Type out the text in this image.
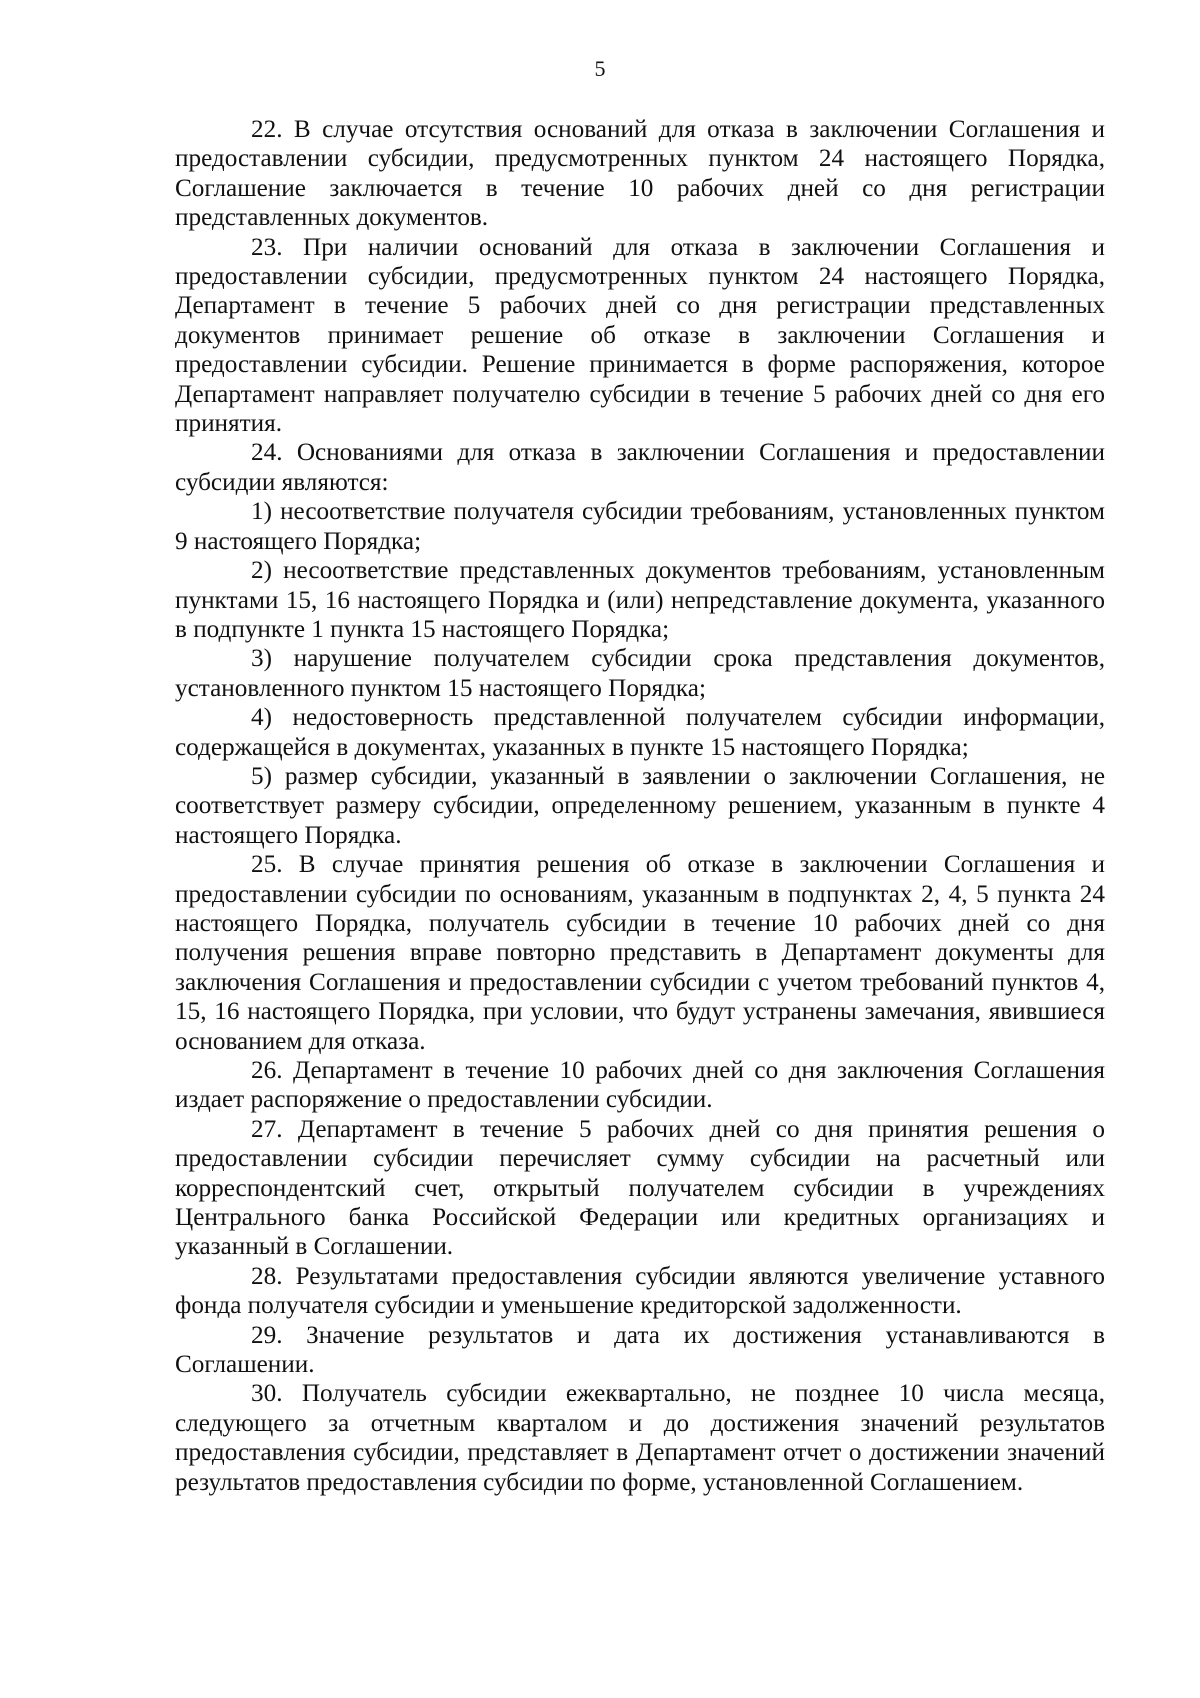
5

22. В случае отсутствия оснований для отказа в заключении Соглашения и предоставлении субсидии, предусмотренных пунктом 24 настоящего Порядка, Соглашение заключается в течение 10 рабочих дней со дня регистрации представленных документов.

23. При наличии оснований для отказа в заключении Соглашения и предоставлении субсидии, предусмотренных пунктом 24 настоящего Порядка, Департамент в течение 5 рабочих дней со дня регистрации представленных документов принимает решение об отказе в заключении Соглашения и предоставлении субсидии. Решение принимается в форме распоряжения, которое Департамент направляет получателю субсидии в течение 5 рабочих дней со дня его принятия.

24. Основаниями для отказа в заключении Соглашения и предоставлении субсидии являются:

1) несоответствие получателя субсидии требованиям, установленных пунктом 9 настоящего Порядка;

2) несоответствие представленных документов требованиям, установленным пунктами 15, 16 настоящего Порядка и (или) непредставление документа, указанного в подпункте 1 пункта 15 настоящего Порядка;

3) нарушение получателем субсидии срока представления документов, установленного пунктом 15 настоящего Порядка;

4) недостоверность представленной получателем субсидии информации, содержащейся в документах, указанных в пункте 15 настоящего Порядка;

5) размер субсидии, указанный в заявлении о заключении Соглашения, не соответствует размеру субсидии, определенному решением, указанным в пункте 4 настоящего Порядка.

25. В случае принятия решения об отказе в заключении Соглашения и предоставлении субсидии по основаниям, указанным в подпунктах 2, 4, 5 пункта 24 настоящего Порядка, получатель субсидии в течение 10 рабочих дней со дня получения решения вправе повторно представить в Департамент документы для заключения Соглашения и предоставлении субсидии с учетом требований пунктов 4, 15, 16 настоящего Порядка, при условии, что будут устранены замечания, явившиеся основанием для отказа.

26. Департамент в течение 10 рабочих дней со дня заключения Соглашения издает распоряжение о предоставлении субсидии.

27. Департамент в течение 5 рабочих дней со дня принятия решения о предоставлении субсидии перечисляет сумму субсидии на расчетный или корреспондентский счет, открытый получателем субсидии в учреждениях Центрального банка Российской Федерации или кредитных организациях и указанный в Соглашении.

28. Результатами предоставления субсидии являются увеличение уставного фонда получателя субсидии и уменьшение кредиторской задолженности.

29. Значение результатов и дата их достижения устанавливаются в Соглашении.

30. Получатель субсидии ежеквартально, не позднее 10 числа месяца, следующего за отчетным кварталом и до достижения значений результатов предоставления субсидии, представляет в Департамент отчет о достижении значений результатов предоставления субсидии по форме, установленной Соглашением.
